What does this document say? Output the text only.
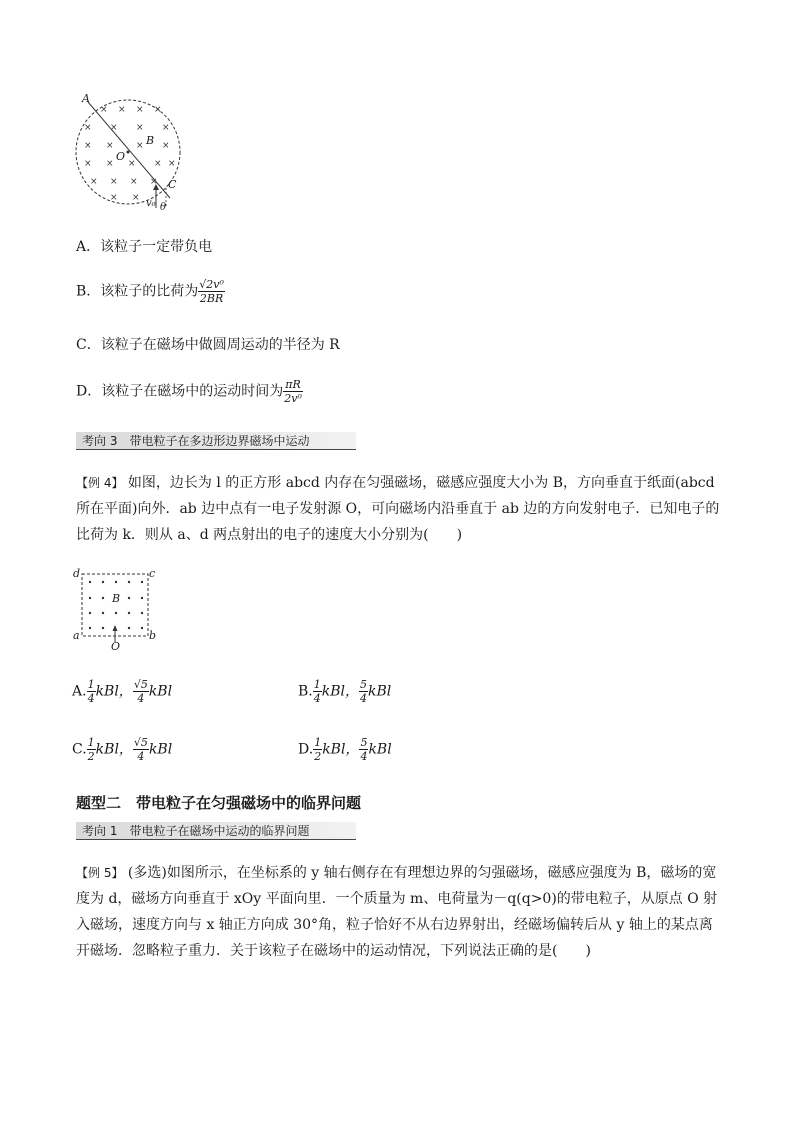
× × × ×
× × × ×
× × × ×
× × × × ×
× × × ×
× ×
A
B
O
C
v₀ θ
A．该粒子一定带负电
B．该粒子的比荷为 $\frac{\text{√2v⁰}}{2BR}$
C．该粒子在磁场中做圆周运动的半径为 R
D．该粒子在磁场中的运动时间为 $\frac{\pi R}{\text{2v⁰}}$
考向 3　带电粒子在多边形边界磁场中运动
【例 4】 如图，边长为 l 的正方形 abcd 内存在匀强磁场，磁感应强度大小为 B，方向垂直于纸面(abcd 所在平面)向外．ab 边中点有一电子发射源 O，可向磁场内沿垂直于 ab 边的方向发射电子．已知电子的比荷为 k．则从 a、d 两点射出的电子的速度大小分别为(　　)
d	c
a	b
B
O
A. $\frac{1}{4}$ kBl， $\frac{√5}{4}$ kBl	B. $\frac{1}{4}$ kBl， $\frac{5}{4}$ kBl
C. $\frac{1}{2}$ kBl， $\frac{√5}{4}$ kBl	D. $\frac{1}{2}$ kBl， $\frac{5}{4}$ kBl
题型二　带电粒子在匀强磁场中的临界问题
考向 1　带电粒子在磁场中运动的临界问题
【例 5】 (多选)如图所示，在坐标系的 y 轴右侧存在有理想边界的匀强磁场，磁感应强度为 B，磁场的宽度为 d，磁场方向垂直于 xOy 平面向里．一个质量为 m、电荷量为－q(q>0)的带电粒子，从原点 O 射入磁场，速度方向与 x 轴正方向成 30°角，粒子恰好不从右边界射出，经磁场偏转后从 y 轴上的某点离开磁场．忽略粒子重力．关于该粒子在磁场中的运动情况，下列说法正确的是(　　)
